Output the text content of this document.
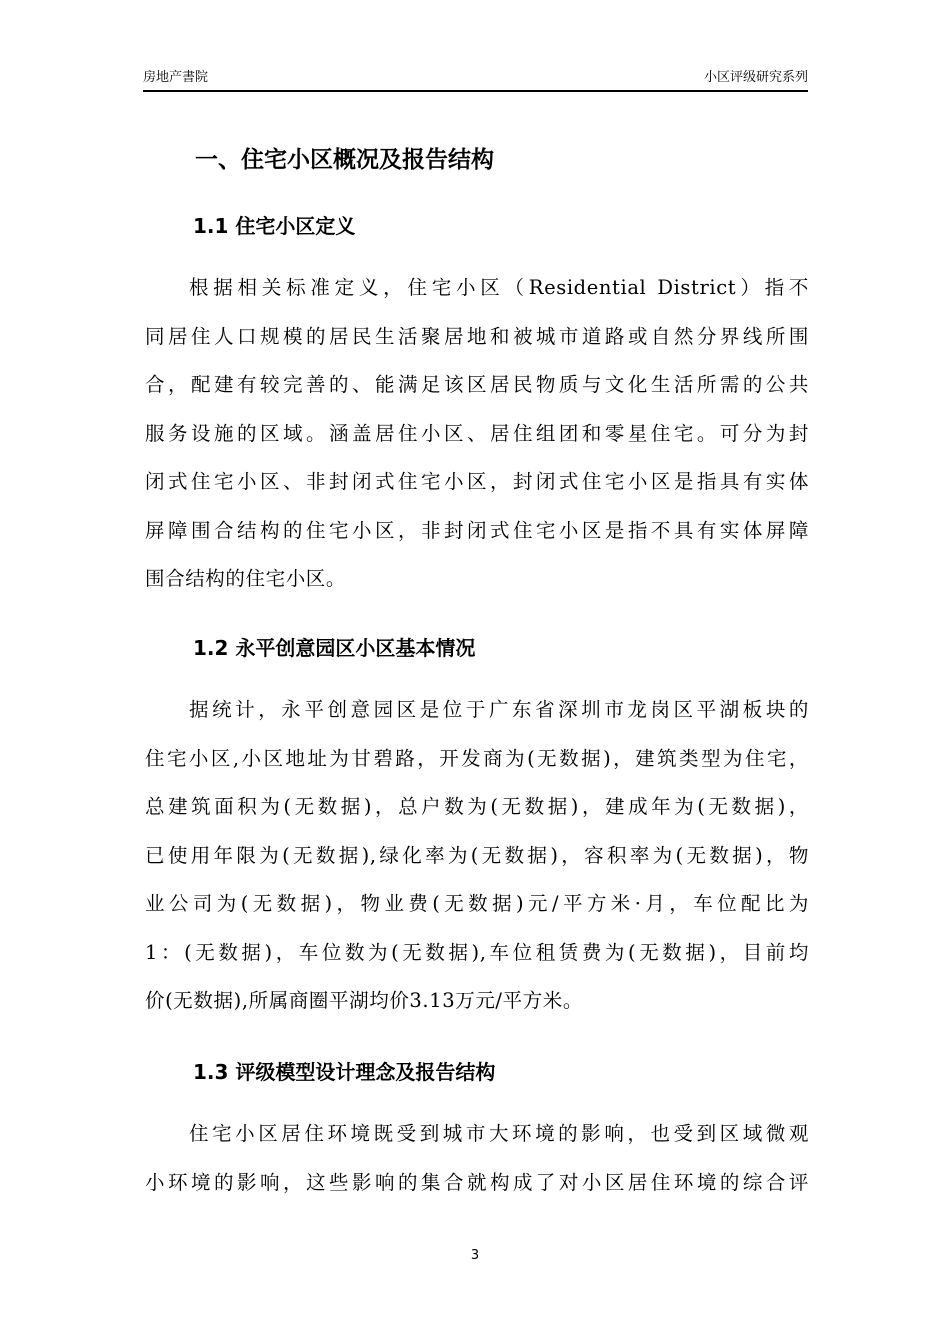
房地产書院	小区评级研究系列
一、住宅小区概况及报告结构
1.1 住宅小区定义
根据相关标准定义，住宅小区（Residential District）指不
同居住人口规模的居民生活聚居地和被城市道路或自然分界线所围
合，配建有较完善的、能满足该区居民物质与文化生活所需的公共
服务设施的区域。涵盖居住小区、居住组团和零星住宅。可分为封
闭式住宅小区、非封闭式住宅小区，封闭式住宅小区是指具有实体
屏障围合结构的住宅小区，非封闭式住宅小区是指不具有实体屏障
围合结构的住宅小区。
1.2 永平创意园区小区基本情况
据统计，永平创意园区是位于广东省深圳市龙岗区平湖板块的
住宅小区,小区地址为甘碧路，开发商为(无数据)，建筑类型为住宅，
总建筑面积为(无数据)，总户数为(无数据)，建成年为(无数据)，
已使用年限为(无数据),绿化率为(无数据)，容积率为(无数据)，物
业公司为(无数据)，物业费(无数据)元/平方米·月，车位配比为
1：(无数据)，车位数为(无数据),车位租赁费为(无数据)，目前均
价(无数据),所属商圈平湖均价3.13万元/平方米。
1.3 评级模型设计理念及报告结构
住宅小区居住环境既受到城市大环境的影响，也受到区域微观
小环境的影响，这些影响的集合就构成了对小区居住环境的综合评
3
